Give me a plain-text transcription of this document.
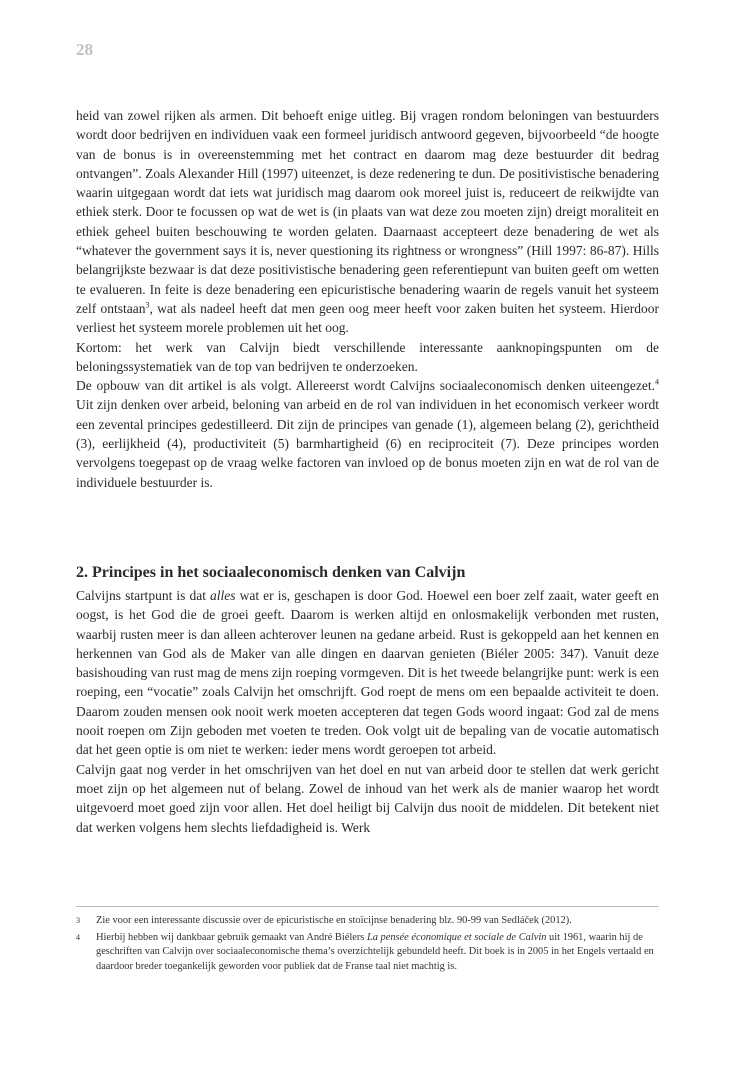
28

heid van zowel rijken als armen. Dit behoeft enige uitleg. Bij vragen rondom beloningen van bestuurders wordt door bedrijven en individuen vaak een formeel juridisch antwoord gegeven, bijvoorbeeld “de hoogte van de bonus is in overeenstemming met het contract en daarom mag deze bestuurder dit bedrag ontvangen”. Zoals Alexander Hill (1997) uiteenzet, is deze redenering te dun. De positivistische benadering waarin uitgegaan wordt dat iets wat juridisch mag daarom ook moreel juist is, reduceert de reikwijdte van ethiek sterk. Door te focussen op wat de wet is (in plaats van wat deze zou moeten zijn) dreigt moraliteit en ethiek geheel buiten beschouwing te worden gelaten. Daarnaast accepteert deze benadering de wet als “whatever the government says it is, never questioning its rightness or wrongness” (Hill 1997: 86-87). Hills belangrijkste bezwaar is dat deze positivistische benadering geen referentiepunt van buiten geeft om wetten te evalueren. In feite is deze benadering een epicuristische benadering waarin de regels vanuit het systeem zelf ontstaan$^3$, wat als nadeel heeft dat men geen oog meer heeft voor zaken buiten het systeem. Hierdoor verliest het systeem morele problemen uit het oog.

Kortom: het werk van Calvijn biedt verschillende interessante aanknopingspunten om de beloningssystematiek van de top van bedrijven te onderzoeken.

De opbouw van dit artikel is als volgt. Allereerst wordt Calvijns sociaaleconomisch denken uiteengezet.$^4$ Uit zijn denken over arbeid, beloning van arbeid en de rol van individuen in het economisch verkeer wordt een zevental principes gedestilleerd. Dit zijn de principes van genade (1), algemeen belang (2), gerichtheid (3), eerlijkheid (4), productiviteit (5) barmhartigheid (6) en reciprociteit (7). Deze principes worden vervolgens toegepast op de vraag welke factoren van invloed op de bonus moeten zijn en wat de rol van de individuele bestuurder is.

2. Principes in het sociaaleconomisch denken van Calvijn

Calvijns startpunt is dat alles wat er is, geschapen is door God. Hoewel een boer zelf zaait, water geeft en oogst, is het God die de groei geeft. Daarom is werken altijd en onlosmakelijk verbonden met rusten, waarbij rusten meer is dan alleen achterover leunen na gedane arbeid. Rust is gekoppeld aan het kennen en herkennen van God als de Maker van alle dingen en daarvan genieten (Biéler 2005: 347). Vanuit deze basishouding van rust mag de mens zijn roeping vormgeven. Dit is het tweede belangrijke punt: werk is een roeping, een “vocatie” zoals Calvijn het omschrijft. God roept de mens om een bepaalde activiteit te doen. Daarom zouden mensen ook nooit werk moeten accepteren dat tegen Gods woord ingaat: God zal de mens nooit roepen om Zijn geboden met voeten te treden. Ook volgt uit de bepaling van de vocatie automatisch dat het geen optie is om niet te werken: ieder mens wordt geroepen tot arbeid.

Calvijn gaat nog verder in het omschrijven van het doel en nut van arbeid door te stellen dat werk gericht moet zijn op het algemeen nut of belang. Zowel de inhoud van het werk als de manier waarop het wordt uitgevoerd moet goed zijn voor allen. Het doel heiligt bij Calvijn dus nooit de middelen. Dit betekent niet dat werken volgens hem slechts liefdadigheid is. Werk

3 Zie voor een interessante discussie over de epicuristische en stoïcijnse benadering blz. 90-99 van Sedláček (2012).
4 Hierbij hebben wij dankbaar gebruik gemaakt van André Biélers La pensée économique et sociale de Calvin uit 1961, waarin hij de geschriften van Calvijn over sociaaleconomische thema’s overzichtelijk gebundeld heeft. Dit boek is in 2005 in het Engels vertaald en daardoor breder toegankelijk geworden voor publiek dat de Franse taal niet machtig is.
